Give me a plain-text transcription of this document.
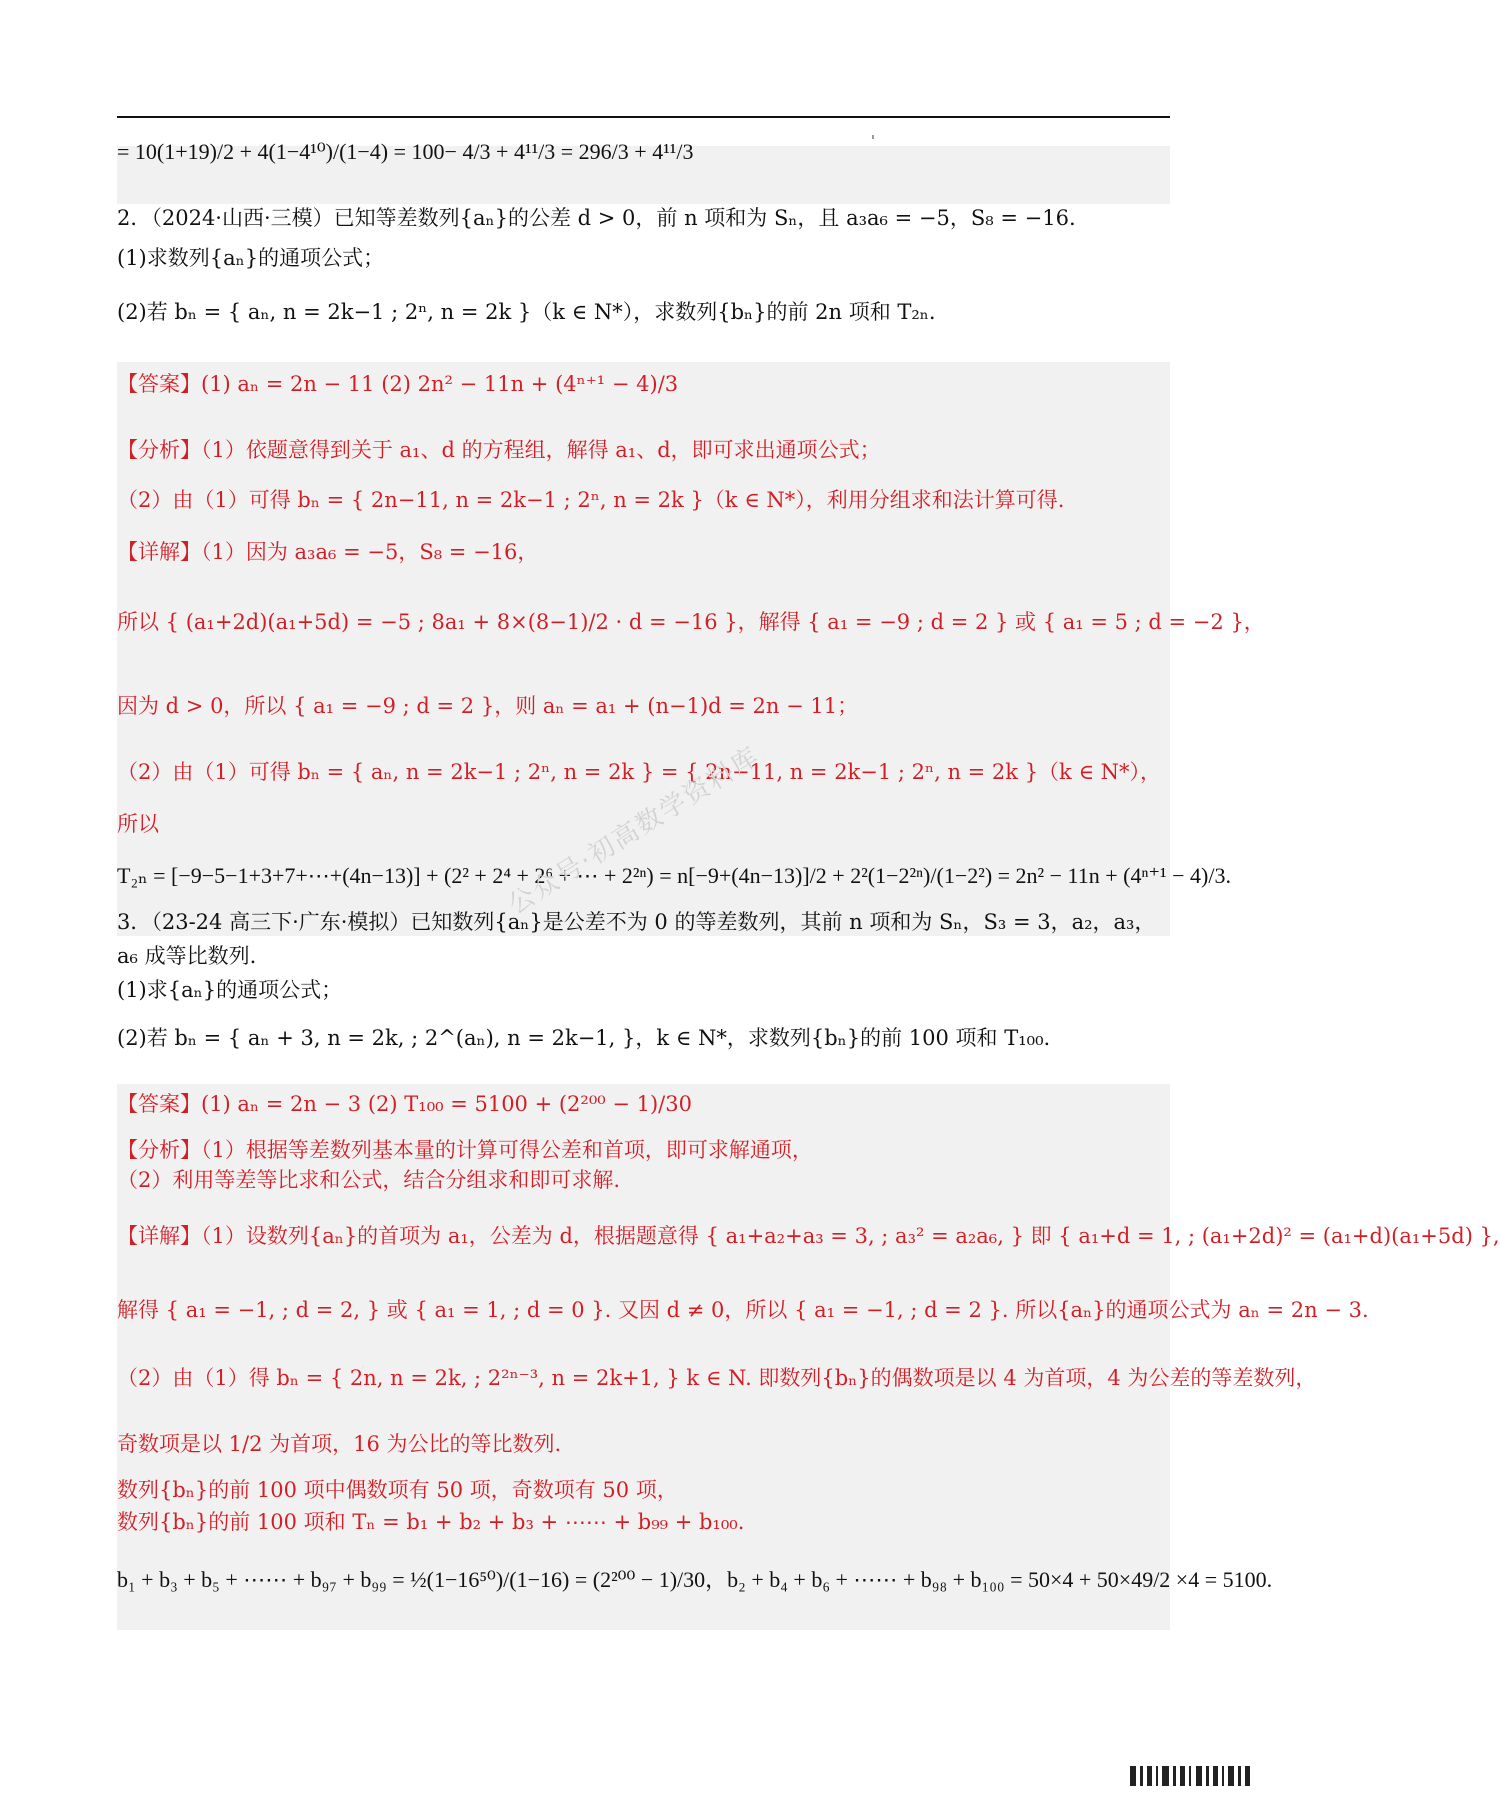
= 10(1+19)/2 + 4(1−4¹⁰)/(1−4) = 100− 4/3 + 4¹¹/3 = 296/3 + 4¹¹/3
2．（2024·山西·三模）已知等差数列{aₙ}的公差 d > 0，前 n 项和为 Sₙ，且 a₃a₆ = −5，S₈ = −16.
(1)求数列{aₙ}的通项公式；
(2)若 bₙ = { aₙ, n = 2k−1 ; 2ⁿ, n = 2k }（k ∈ N*），求数列{bₙ}的前 2n 项和 T₂ₙ.
【答案】(1) aₙ = 2n − 11 (2) 2n² − 11n + (4ⁿ⁺¹ − 4)/3
【分析】（1）依题意得到关于 a₁、d 的方程组，解得 a₁、d，即可求出通项公式；
（2）由（1）可得 bₙ = { 2n−11, n = 2k−1 ; 2ⁿ, n = 2k }（k ∈ N*），利用分组求和法计算可得.
【详解】（1）因为 a₃a₆ = −5，S₈ = −16，
所以 { (a₁+2d)(a₁+5d) = −5 ; 8a₁ + 8×(8−1)/2 · d = −16 }，解得 { a₁ = −9 ; d = 2 } 或 { a₁ = 5 ; d = −2 }，
因为 d > 0，所以 { a₁ = −9 ; d = 2 }，则 aₙ = a₁ + (n−1)d = 2n − 11；
（2）由（1）可得 bₙ = { aₙ, n = 2k−1 ; 2ⁿ, n = 2k } = { 2n−11, n = 2k−1 ; 2ⁿ, n = 2k }（k ∈ N*），
所以
T₂ₙ = [−9−5−1+3+7+⋯+(4n−13)] + (2² + 2⁴ + 2⁶ + ⋯ + 2²ⁿ) = n[−9+(4n−13)]/2 + 2²(1−2²ⁿ)/(1−2²) = 2n² − 11n + (4ⁿ⁺¹ − 4)/3.
3．（23-24 高三下·广东·模拟）已知数列{aₙ}是公差不为 0 的等差数列，其前 n 项和为 Sₙ，S₃ = 3，a₂，a₃，
a₆ 成等比数列.
(1)求{aₙ}的通项公式；
(2)若 bₙ = { aₙ + 3, n = 2k, ; 2^(aₙ), n = 2k−1, }，k ∈ N*，求数列{bₙ}的前 100 项和 T₁₀₀.
【答案】(1) aₙ = 2n − 3 (2) T₁₀₀ = 5100 + (2²⁰⁰ − 1)/30
【分析】（1）根据等差数列基本量的计算可得公差和首项，即可求解通项，
（2）利用等差等比求和公式，结合分组求和即可求解.
【详解】（1）设数列{aₙ}的首项为 a₁，公差为 d，根据题意得 { a₁+a₂+a₃ = 3, ; a₃² = a₂a₆, } 即 { a₁+d = 1, ; (a₁+2d)² = (a₁+d)(a₁+5d) },
解得 { a₁ = −1, ; d = 2, } 或 { a₁ = 1, ; d = 0 }. 又因 d ≠ 0，所以 { a₁ = −1, ; d = 2 }. 所以{aₙ}的通项公式为 aₙ = 2n − 3.
（2）由（1）得 bₙ = { 2n, n = 2k, ; 2²ⁿ⁻³, n = 2k+1, } k ∈ N. 即数列{bₙ}的偶数项是以 4 为首项，4 为公差的等差数列，
奇数项是以 1/2 为首项，16 为公比的等比数列.
数列{bₙ}的前 100 项中偶数项有 50 项，奇数项有 50 项，
数列{bₙ}的前 100 项和 Tₙ = b₁ + b₂ + b₃ + ⋯⋯ + b₉₉ + b₁₀₀.
b₁ + b₃ + b₅ + ⋯⋯ + b₉₇ + b₉₉ = ½(1−16⁵⁰)/(1−16) = (2²⁰⁰ − 1)/30，b₂ + b₄ + b₆ + ⋯⋯ + b₉₈ + b₁₀₀ = 50×4 + 50×49/2 ×4 = 5100.
公众号·初高数学资料库
